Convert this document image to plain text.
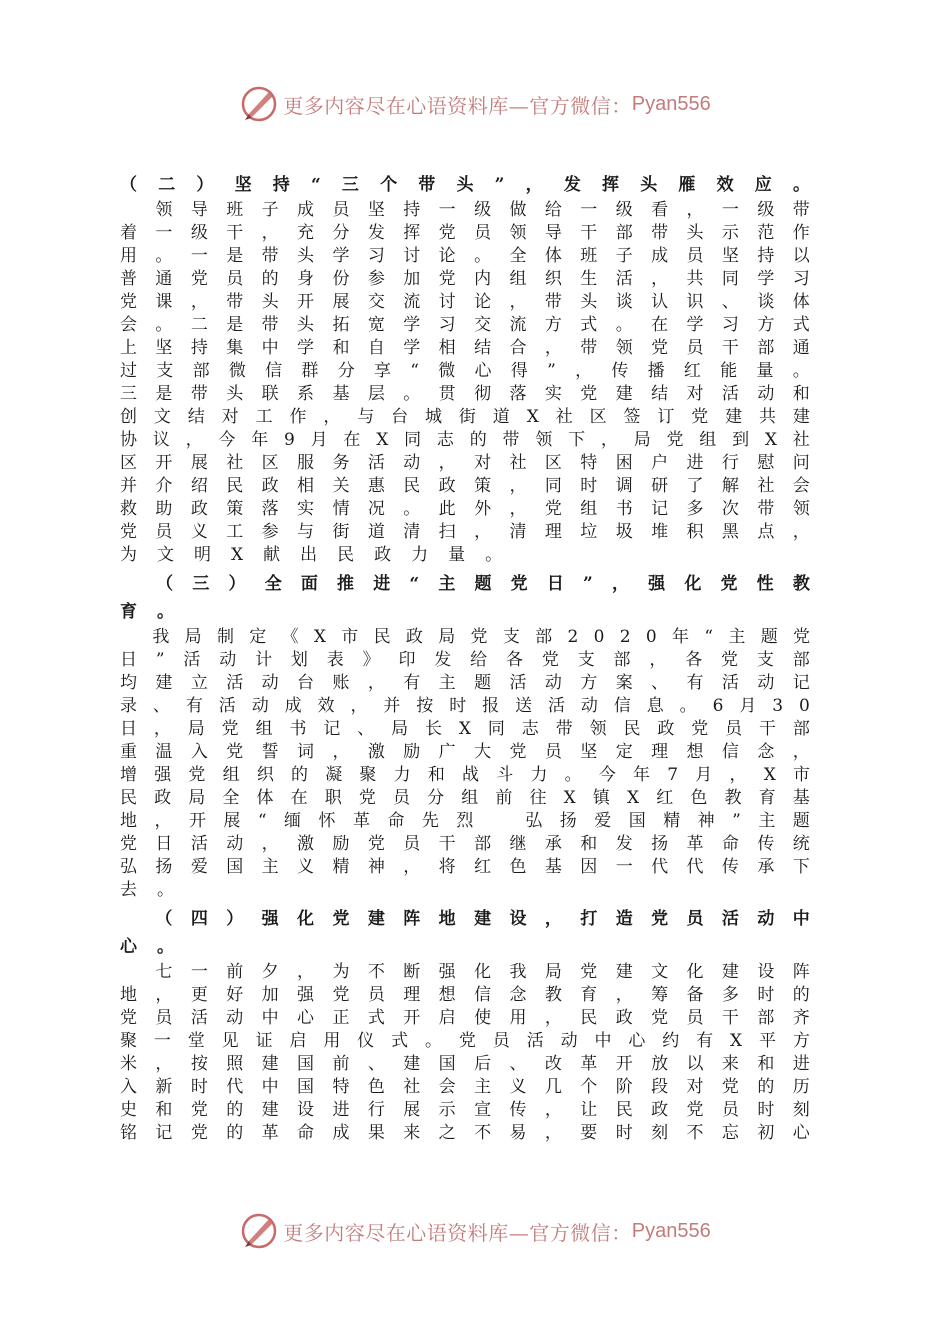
更多内容尽在心语资料库—官方微信： Pyan556
（ 二 ） 坚 持 “ 三 个 带 头 ” ， 发 挥 头 雁 效 应 。

领 导 班 子 成 员 坚 持 一 级 做 给 一 级 看 ， 一 级 带
着 一 级 干 ， 充 分 发 挥 党 员 领 导 干 部 带 头 示 范 作
用 。 一 是 带 头 学 习 讨 论 。 全 体 班 子 成 员 坚 持 以
普 通 党 员 的 身 份 参 加 党 内 组 织 生 活 ， 共 同 学 习
党 课 ， 带 头 开 展 交 流 讨 论 ， 带 头 谈 认 识 、 谈 体
会 。 二 是 带 头 拓 宽 学 习 交 流 方 式 。 在 学 习 方 式
上 坚 持 集 中 学 和 自 学 相 结 合 ， 带 领 党 员 干 部 通
过 支 部 微 信 群 分 享 “ 微 心 得 ” ， 传 播 红 能 量 。
三 是 带 头 联 系 基 层 。 贯 彻 落 实 党 建 结 对 活 动 和
创 文 结 对 工 作 ， 与 台 城 街 道 X 社 区 签 订 党 建 共 建
协 议 ， 今 年 9 月 在 X 同 志 的 带 领 下 ， 局 党 组 到 X 社
区 开 展 社 区 服 务 活 动 ， 对 社 区 特 困 户 进 行 慰 问
并 介 绍 民 政 相 关 惠 民 政 策 ， 同 时 调 研 了 解 社 会
救 助 政 策 落 实 情 况 。 此 外 ， 党 组 书 记 多 次 带 领
党 员 义 工 参 与 街 道 清 扫 ， 清 理 垃 圾 堆 积 黑 点 ，
为 文 明 X 献 出 民 政 力 量 。

（ 三 ） 全 面 推 进 “ 主 题 党 日 ” ， 强 化 党 性 教
育 。

我 局 制 定 《 X 市 民 政 局 党 支 部 2 0 2 0 年 “ 主 题 党
日 ” 活 动 计 划 表 》 印 发 给 各 党 支 部 ， 各 党 支 部
均 建 立 活 动 台 账 ， 有 主 题 活 动 方 案 、 有 活 动 记
录 、 有 活 动 成 效 ， 并 按 时 报 送 活 动 信 息 。 6 月 3 0
日 ， 局 党 组 书 记 、 局 长 X 同 志 带 领 民 政 党 员 干 部
重 温 入 党 誓 词 ， 激 励 广 大 党 员 坚 定 理 想 信 念 ，
增 强 党 组 织 的 凝 聚 力 和 战 斗 力 。 今 年 7 月 ， X 市
民 政 局 全 体 在 职 党 员 分 组 前 往 X 镇 X 红 色 教 育 基
地 ， 开 展 “ 缅 怀 革 命 先 烈
　	弘 扬 爱 国 精 神 ” 主 题
党 日 活 动 ， 激 励 党 员 干 部 继 承 和 发 扬 革 命 传 统
弘 扬 爱 国 主 义 精 神 ， 将 红 色 基 因 一 代 代 传 承 下
去 。

（ 四 ） 强 化 党 建 阵 地 建 设 ， 打 造 党 员 活 动 中
心 。

七 一 前 夕 ， 为 不 断 强 化 我 局 党 建 文 化 建 设 阵
地 ， 更 好 加 强 党 员 理 想 信 念 教 育 ， 筹 备 多 时 的
党 员 活 动 中 心 正 式 开 启 使 用 ， 民 政 党 员 干 部 齐
聚 一 堂 见 证 启 用 仪 式 。 党 员 活 动 中 心 约 有 X 平 方
米 ， 按 照 建 国 前 、 建 国 后 、 改 革 开 放 以 来 和 进
入 新 时 代 中 国 特 色 社 会 主 义 几 个 阶 段 对 党 的 历
史 和 党 的 建 设 进 行 展 示 宣 传 ， 让 民 政 党 员 时 刻
铭 记 党 的 革 命 成 果 来 之 不 易 ， 要 时 刻 不 忘 初 心
更多内容尽在心语资料库—官方微信： Pyan556
